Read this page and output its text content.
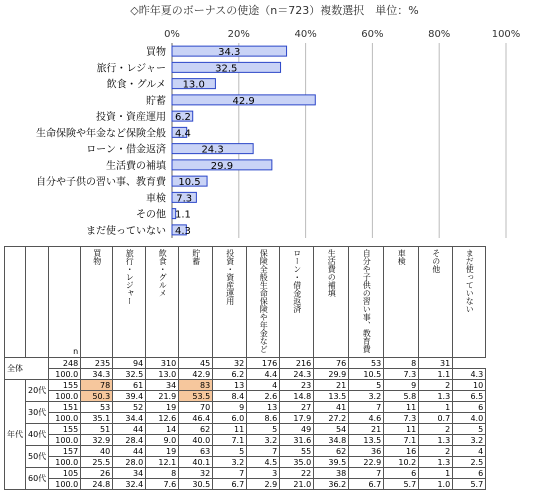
◇昨年夏のボーナスの使途（n＝723）複数選択　単位：%
0%	20%	40%	60%	80%	100%
買物	34.3
旅行・レジャー	32.5
飲食・グルメ 13.0
貯蓄	42.9
投資・資産運用 6.2
生命保険や年金など保険全般 4.4
ローン・借金返済	24.3
生活費の補填	29.9
自分や子供の習い事、教育費 10.5
車検 7.3
その他 1.1
まだ使っていない 4.3

		n	買物	旅行・レジャー	飲食・グルメ	貯蓄	投資・資産運用	保険全般生命保険や年金など	ローン・借金返済	生活費の補填	自分や子供の習い事、教育費	車検	その他	まだ使っていない
全体		248	235	94	310	45	32	176	216	76	53	8	31	
		100.0	34.3	32.5	13.0	42.9	6.2	4.4	24.3	29.9	10.5	7.3	1.1	4.3
年代	20代	155	78	61	34	83	13	4	23	21	5	9	2	10
		100.0	50.3	39.4	21.9	53.5	8.4	2.6	14.8	13.5	3.2	5.8	1.3	6.5
	30代	151	53	52	19	70	9	13	27	41	7	11	1	6
		100.0	35.1	34.4	12.6	46.4	6.0	8.6	17.9	27.2	4.6	7.3	0.7	4.0
	40代	155	51	44	14	62	11	5	49	54	21	11	2	5
		100.0	32.9	28.4	9.0	40.0	7.1	3.2	31.6	34.8	13.5	7.1	1.3	3.2
	50代	157	40	44	19	63	5	7	55	62	36	16	2	4
		100.0	25.5	28.0	12.1	40.1	3.2	4.5	35.0	39.5	22.9	10.2	1.3	2.5
	60代	105	26	34	8	32	7	3	22	38	7	6	1	6
		100.0	24.8	32.4	7.6	30.5	6.7	2.9	21.0	36.2	6.7	5.7	1.0	5.7
